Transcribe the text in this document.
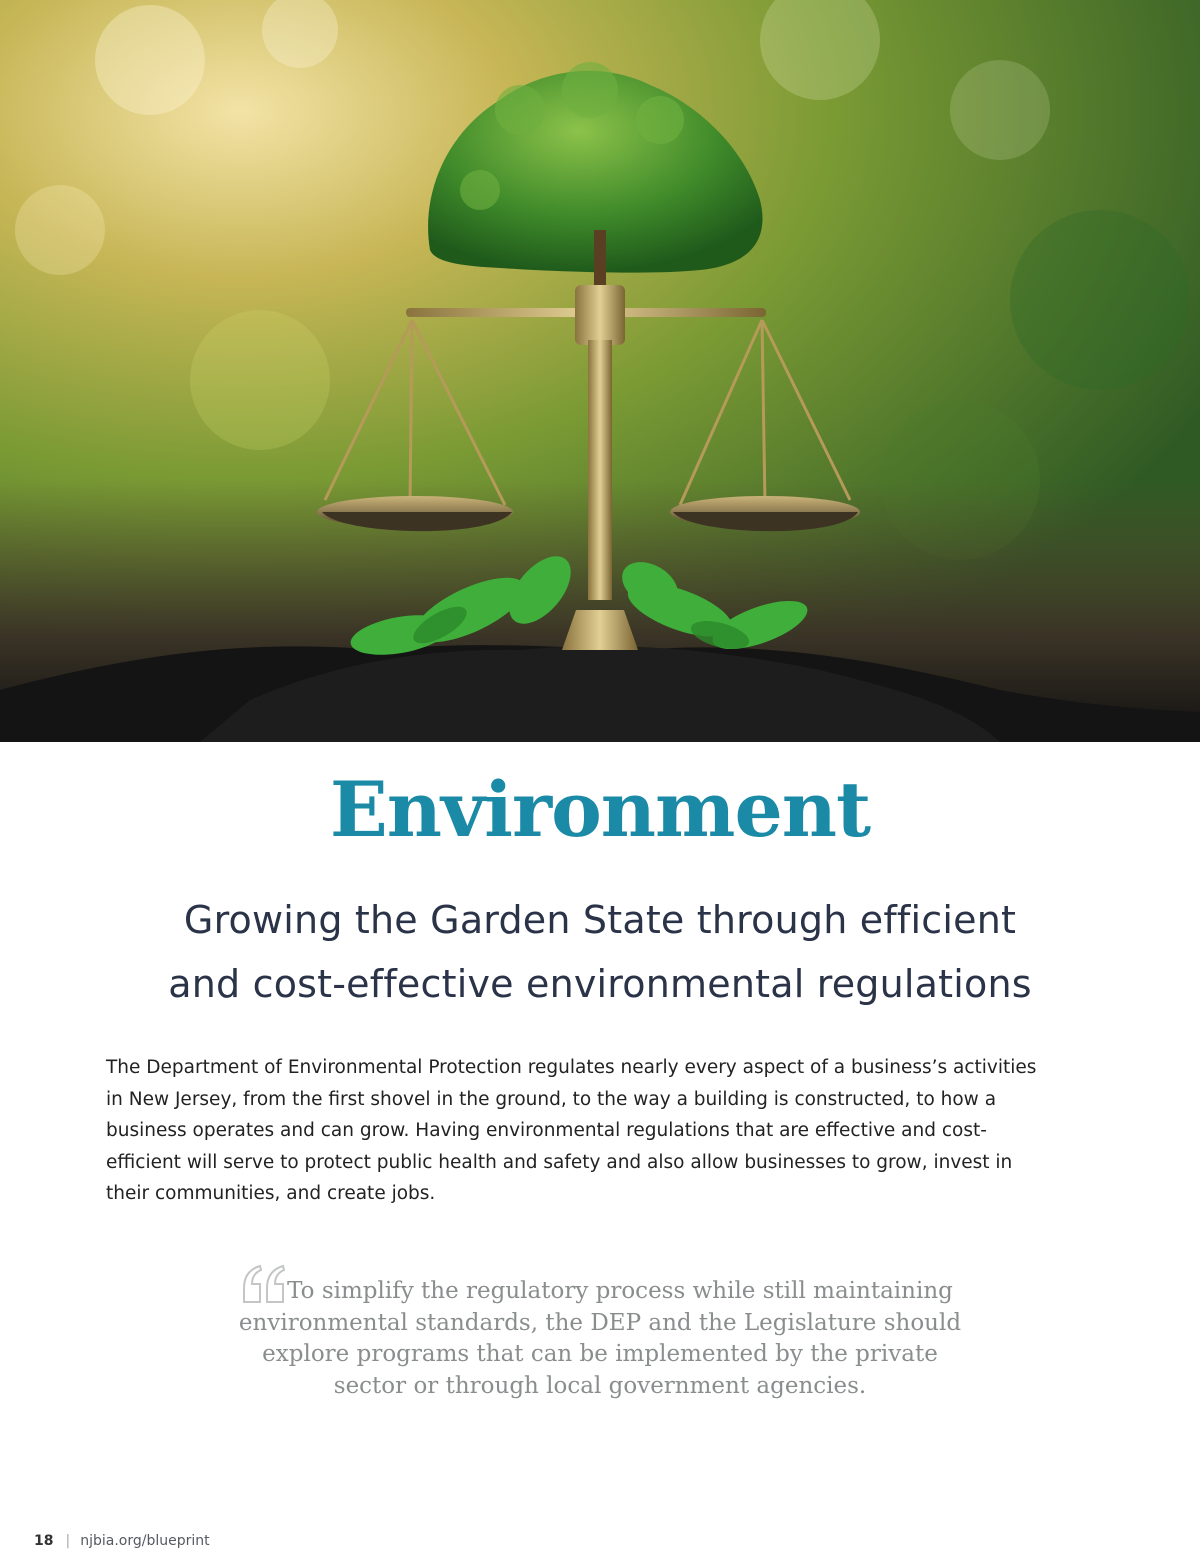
Environment
Growing the Garden State through efficient
and cost-effective environmental regulations
The Department of Environmental Protection regulates nearly every aspect of a business’s activities
in New Jersey, from the first shovel in the ground, to the way a building is constructed, to how a
business operates and can grow. Having environmental regulations that are effective and cost-
efficient will serve to protect public health and safety and also allow businesses to grow, invest in
their communities, and create jobs.
To simplify the regulatory process while still maintaining
environmental standards, the DEP and the Legislature should
explore programs that can be implemented by the private
sector or through local government agencies.
18 | njbia.org/blueprint
